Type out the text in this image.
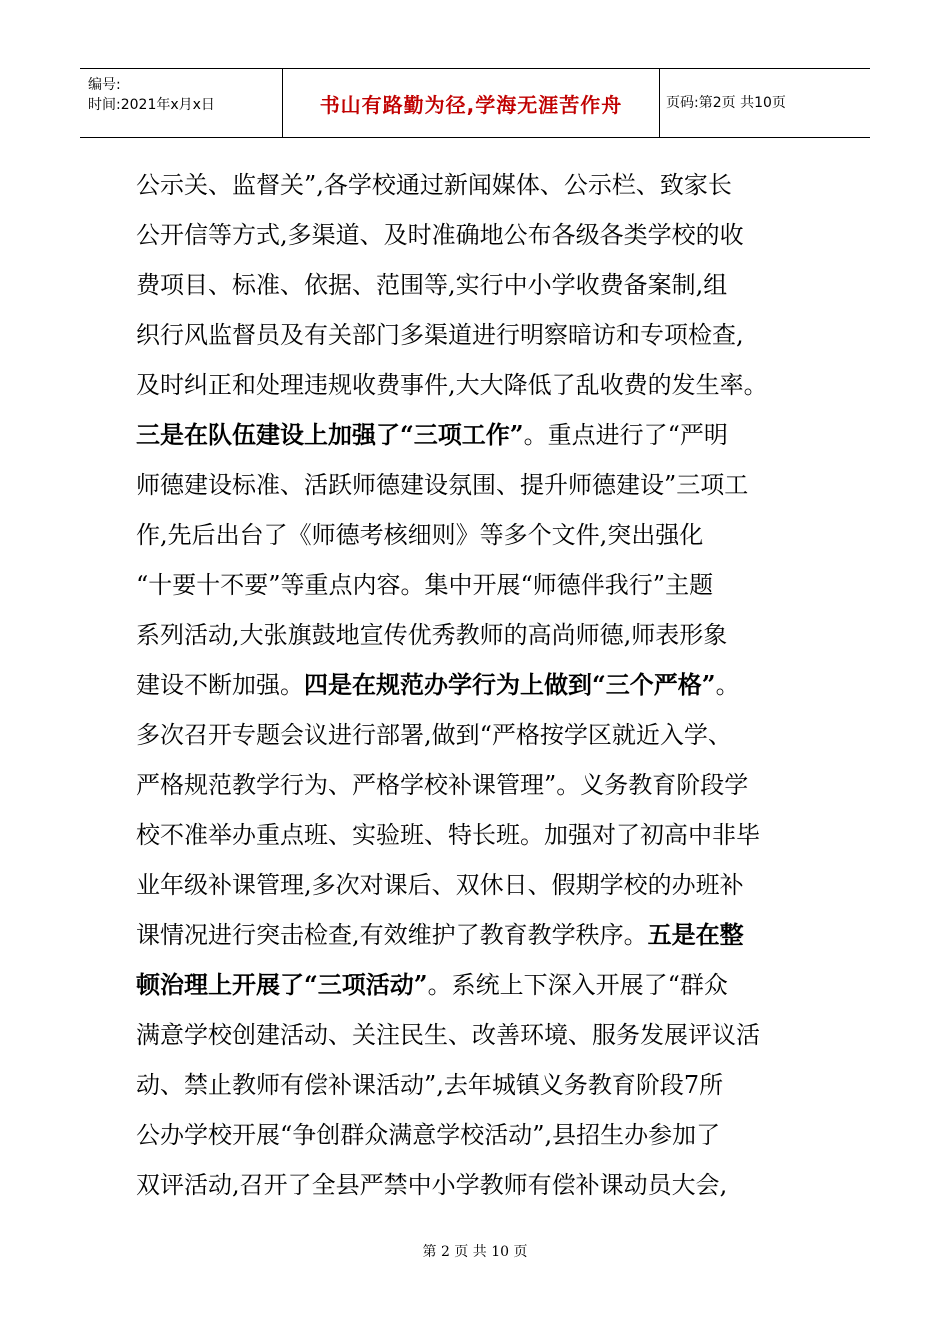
编号:
时间:2021年x月x日	书山有路勤为径,学海无涯苦作舟	页码:第2页 共10页
公示关、监督关”,各学校通过新闻媒体、公示栏、致家长
公开信等方式,多渠道、及时准确地公布各级各类学校的收
费项目、标准、依据、范围等,实行中小学收费备案制,组
织行风监督员及有关部门多渠道进行明察暗访和专项检查,
及时纠正和处理违规收费事件,大大降低了乱收费的发生率。
三是在队伍建设上加强了“三项工作”。重点进行了“严明
师德建设标准、活跃师德建设氛围、提升师德建设”三项工
作,先后出台了《师德考核细则》等多个文件,突出强化
“十要十不要”等重点内容。集中开展“师德伴我行”主题
系列活动,大张旗鼓地宣传优秀教师的高尚师德,师表形象
建设不断加强。四是在规范办学行为上做到“三个严格”。
多次召开专题会议进行部署,做到“严格按学区就近入学、
严格规范教学行为、严格学校补课管理”。义务教育阶段学
校不准举办重点班、实验班、特长班。加强对了初高中非毕
业年级补课管理,多次对课后、双休日、假期学校的办班补
课情况进行突击检查,有效维护了教育教学秩序。五是在整
顿治理上开展了“三项活动”。系统上下深入开展了“群众
满意学校创建活动、关注民生、改善环境、服务发展评议活
动、禁止教师有偿补课活动”,去年城镇义务教育阶段7所
公办学校开展“争创群众满意学校活动”,县招生办参加了
双评活动,召开了全县严禁中小学教师有偿补课动员大会,
第 2 页 共 10 页
